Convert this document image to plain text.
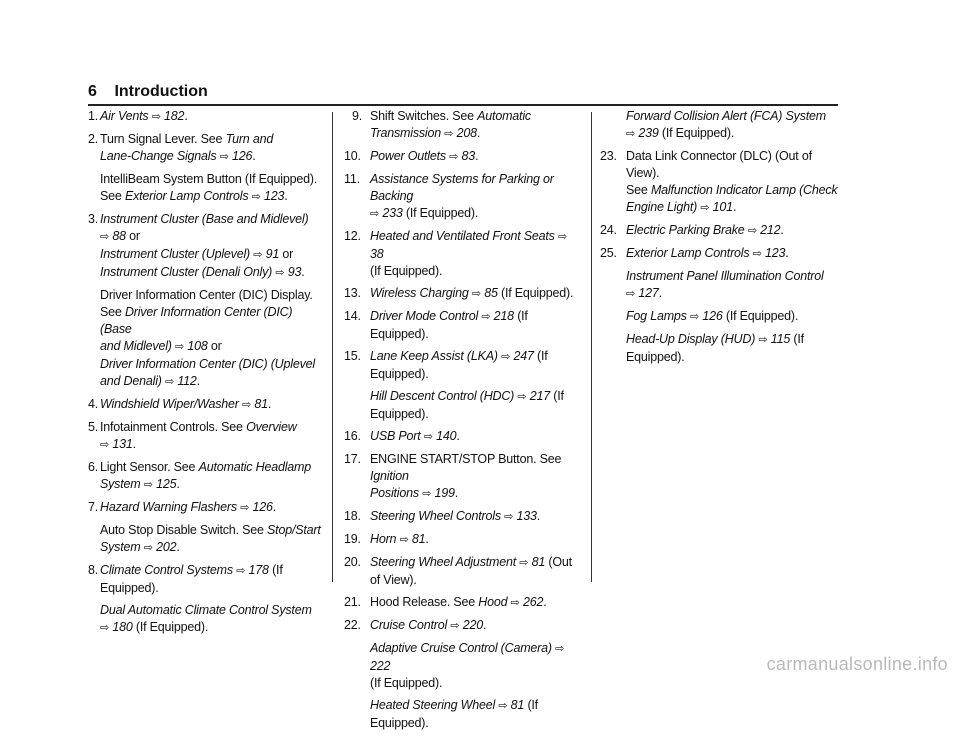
6 Introduction
1. Air Vents ⇨ 182.
2. Turn Signal Lever. See Turn and
Lane-Change Signals ⇨ 126.
IntelliBeam System Button (If Equipped).
See Exterior Lamp Controls ⇨ 123.
3. Instrument Cluster (Base and Midlevel)
⇨ 88 or
Instrument Cluster (Uplevel) ⇨ 91 or
Instrument Cluster (Denali Only) ⇨ 93.
Driver Information Center (DIC) Display.
See Driver Information Center (DIC) (Base
and Midlevel) ⇨ 108 or
Driver Information Center (DIC) (Uplevel
and Denali) ⇨ 112.
4. Windshield Wiper/Washer ⇨ 81.
5. Infotainment Controls. See Overview
⇨ 131.
6. Light Sensor. See Automatic Headlamp
System ⇨ 125.
7. Hazard Warning Flashers ⇨ 126.
Auto Stop Disable Switch. See Stop/Start
System ⇨ 202.
8. Climate Control Systems ⇨ 178 (If
Equipped).
Dual Automatic Climate Control System
⇨ 180 (If Equipped).
9. Shift Switches. See Automatic
Transmission ⇨ 208.
10. Power Outlets ⇨ 83.
11. Assistance Systems for Parking or Backing
⇨ 233 (If Equipped).
12. Heated and Ventilated Front Seats ⇨ 38
(If Equipped).
13. Wireless Charging ⇨ 85 (If Equipped).
14. Driver Mode Control ⇨ 218 (If Equipped).
15. Lane Keep Assist (LKA) ⇨ 247 (If
Equipped).
Hill Descent Control (HDC) ⇨ 217 (If
Equipped).
16. USB Port ⇨ 140.
17. ENGINE START/STOP Button. See Ignition
Positions ⇨ 199.
18. Steering Wheel Controls ⇨ 133.
19. Horn ⇨ 81.
20. Steering Wheel Adjustment ⇨ 81 (Out
of View).
21. Hood Release. See Hood ⇨ 262.
22. Cruise Control ⇨ 220.
Adaptive Cruise Control (Camera) ⇨ 222
(If Equipped).
Heated Steering Wheel ⇨ 81 (If
Equipped).
Forward Collision Alert (FCA) System
⇨ 239 (If Equipped).
23. Data Link Connector (DLC) (Out of View).
See Malfunction Indicator Lamp (Check
Engine Light) ⇨ 101.
24. Electric Parking Brake ⇨ 212.
25. Exterior Lamp Controls ⇨ 123.
Instrument Panel Illumination Control
⇨ 127.
Fog Lamps ⇨ 126 (If Equipped).
Head-Up Display (HUD) ⇨ 115 (If
Equipped).
carmanualsonline.info
